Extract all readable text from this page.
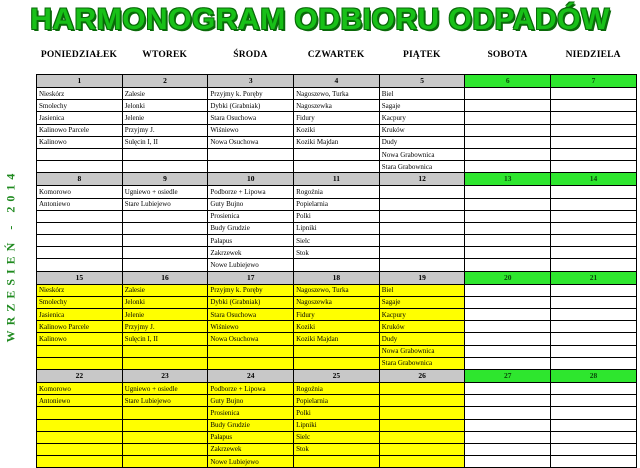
HARMONOGRAM ODBIORU ODPADÓW
PONIEDZIAŁEK	WTOREK	ŚRODA	CZWARTEK	PIĄTEK	SOBOTA	NIEDZIELA
WRZESIEŃ - 2014
1	2	3	4	5	6	7
Nieskórz	Zalesie	Przyjmy k. Poręby	Nagoszewo, Turka	Biel		
Smolechy	Jelonki	Dybki (Grabniak)	Nagoszewka	Sagaje		
Jasienica	Jelenie	Stara Osuchowa	Fidury	Kacpury		
Kalinowo Parcele	Przyjmy J.	Wiśniewo	Koziki	Kruków		
Kalinowo	Sulęcin I, II	Nowa Osuchowa	Koziki Majdan	Dudy		
				Nowa Grabownica		
				Stara Grabownica		
8	9	10	11	12	13	14
Komorowo	Ugniewo + osiedle	Podborze + Lipowa	Rogoźnia			
Antoniewo	Stare Lubiejewo	Guty Bujno	Popielarnia			
		Prosienica	Polki			
		Budy Grudzie	Lipniki			
		Pałapus	Sielc			
		Zakrzewek	Stok			
		Nowe Lubiejewo				
15	16	17	18	19	20	21
Nieskórz	Zalesie	Przyjmy k. Poręby	Nagoszewo, Turka	Biel		
Smolechy	Jelonki	Dybki (Grabniak)	Nagoszewka	Sagaje		
Jasienica	Jelenie	Stara Osuchowa	Fidury	Kacpury		
Kalinowo Parcele	Przyjmy J.	Wiśniewo	Koziki	Kruków		
Kalinowo	Sulęcin I, II	Nowa Osuchowa	Koziki Majdan	Dudy		
				Nowa Grabownica		
				Stara Grabownica		
22	23	24	25	26	27	28
Komorowo	Ugniewo + osiedle	Podborze + Lipowa	Rogoźnia			
Antoniewo	Stare Lubiejewo	Guty Bujno	Popielarnia			
		Prosienica	Polki			
		Budy Grudzie	Lipniki			
		Pałapus	Sielc			
		Zakrzewek	Stok			
		Nowe Lubiejewo				
